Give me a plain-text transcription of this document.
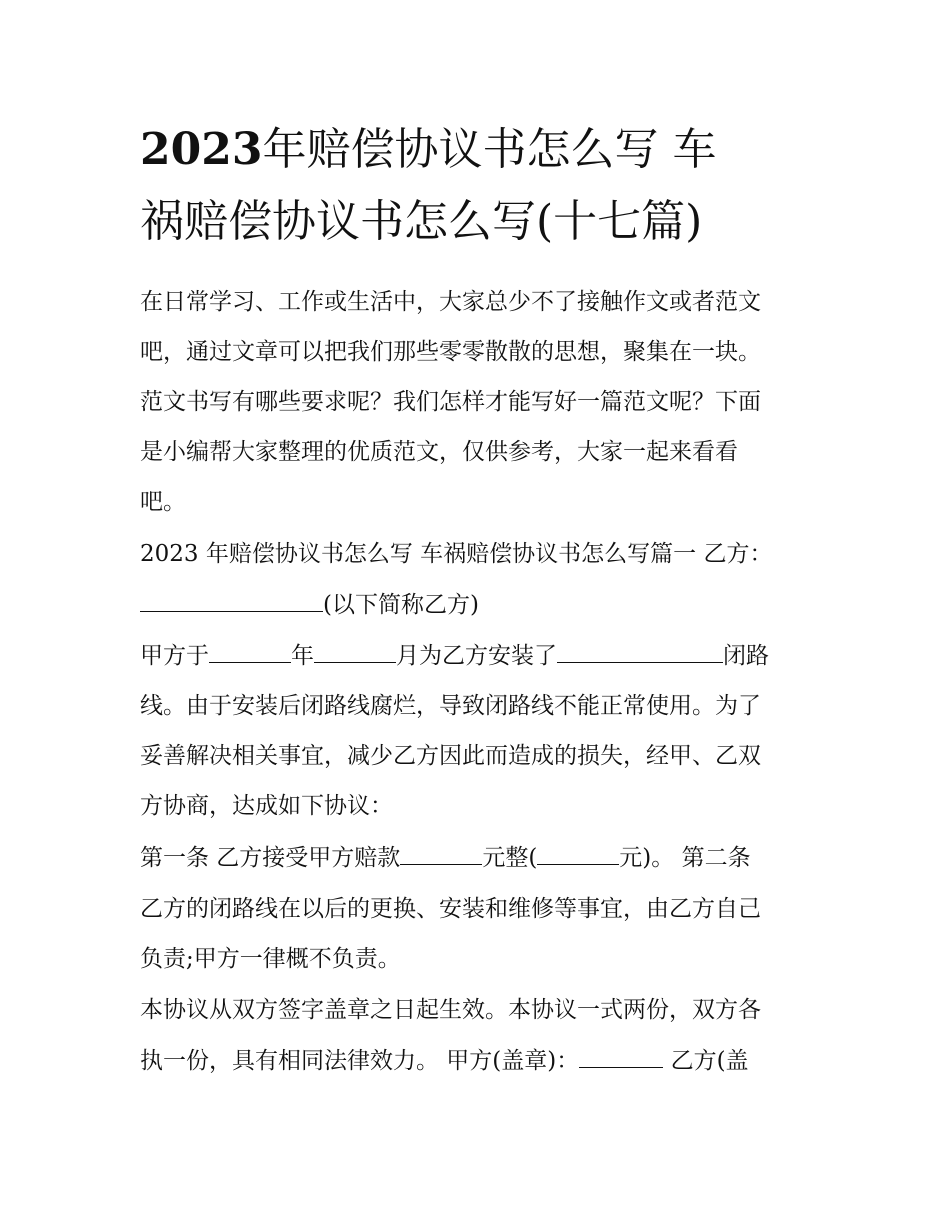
2023年赔偿协议书怎么写 车
祸赔偿协议书怎么写(十七篇)

在日常学习、工作或生活中，大家总少不了接触作文或者范文

吧，通过文章可以把我们那些零零散散的思想，聚集在一块。

范文书写有哪些要求呢？我们怎样才能写好一篇范文呢？下面

是小编帮大家整理的优质范文，仅供参考，大家一起来看看

吧。

2023 年赔偿协议书怎么写 车祸赔偿协议书怎么写篇一 乙方：

(以下简称乙方)

甲方于	年	月为乙方安装了	闭路

线。由于安装后闭路线腐烂，导致闭路线不能正常使用。为了

妥善解决相关事宜，减少乙方因此而造成的损失，经甲、乙双

方协商，达成如下协议：

第一条 乙方接受甲方赔款	元整(	元)。 第二条

乙方的闭路线在以后的更换、安装和维修等事宜，由乙方自己

负责;甲方一律概不负责。

本协议从双方签字盖章之日起生效。本协议一式两份，双方各

执一份，具有相同法律效力。 甲方(盖章)：	乙方(盖
